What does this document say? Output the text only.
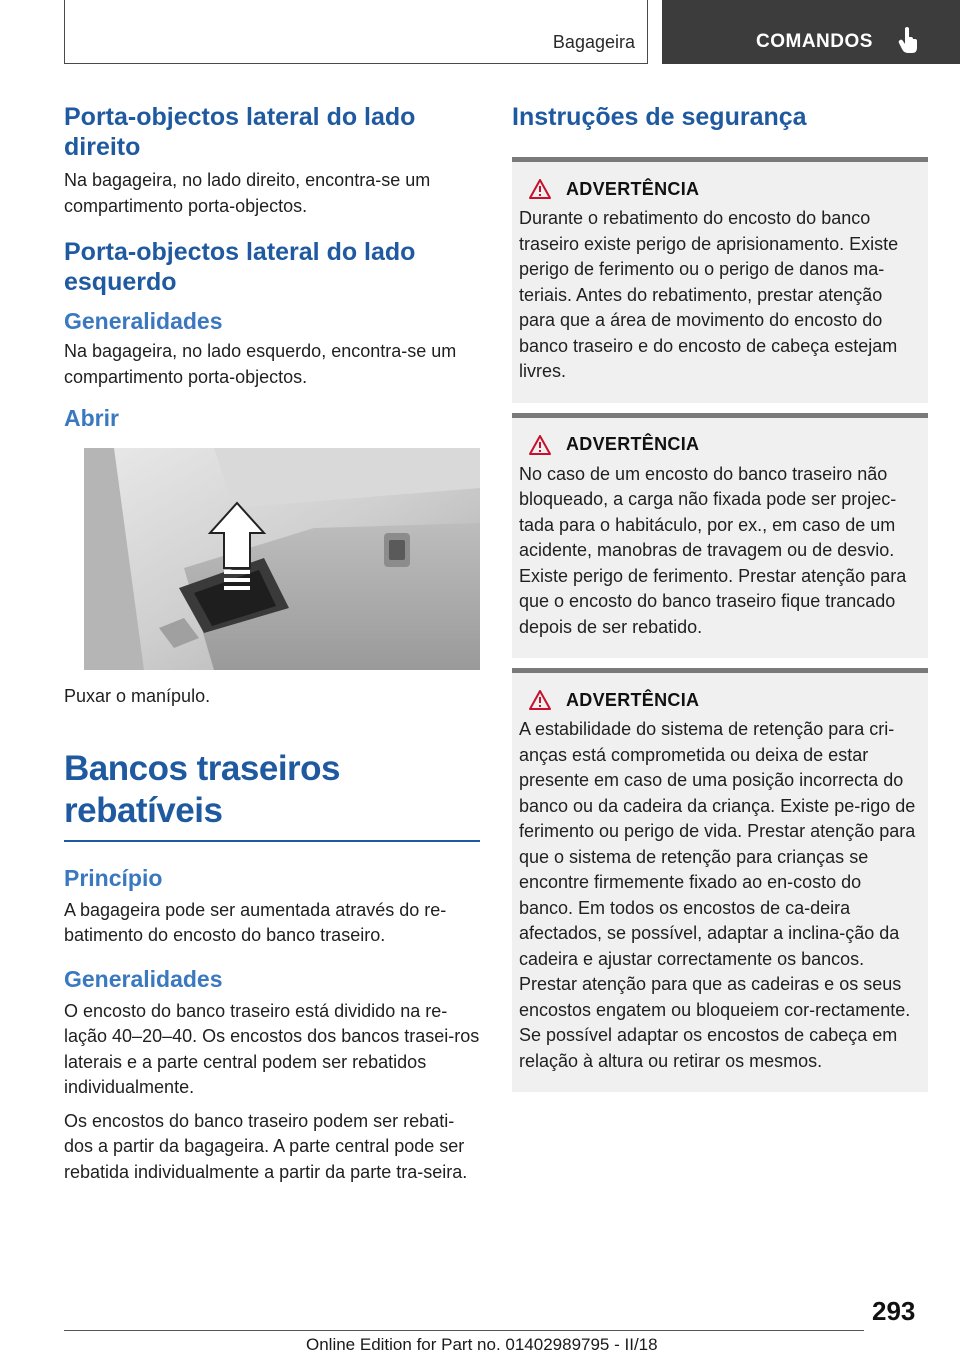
Bagageira	COMANDOS
Porta-objectos lateral do lado direito

Na bagageira, no lado direito, encontra-se um compartimento porta-objectos.

Porta-objectos lateral do lado esquerdo
Generalidades

Na bagageira, no lado esquerdo, encontra-se um compartimento porta-objectos.

Abrir

Puxar o manípulo.

Bancos traseiros rebatíveis
Princípio

A bagageira pode ser aumentada através do re-batimento do encosto do banco traseiro.

Generalidades

O encosto do banco traseiro está dividido na re-lação 40–20–40. Os encostos dos bancos trasei-ros laterais e a parte central podem ser rebatidos individualmente.

Os encostos do banco traseiro podem ser rebati-dos a partir da bagageira. A parte central pode ser rebatida individualmente a partir da parte tra-seira.

Instruções de segurança
ADVERTÊNCIA

Durante o rebatimento do encosto do banco traseiro existe perigo de aprisionamento. Existe perigo de ferimento ou o perigo de danos ma-teriais. Antes do rebatimento, prestar atenção para que a área de movimento do encosto do banco traseiro e do encosto de cabeça estejam livres.

ADVERTÊNCIA

No caso de um encosto do banco traseiro não bloqueado, a carga não fixada pode ser projec-tada para o habitáculo, por ex., em caso de um acidente, manobras de travagem ou de desvio. Existe perigo de ferimento. Prestar atenção para que o encosto do banco traseiro fique trancado depois de ser rebatido.

ADVERTÊNCIA

A estabilidade do sistema de retenção para cri-anças está comprometida ou deixa de estar presente em caso de uma posição incorrecta do banco ou da cadeira da criança. Existe pe-rigo de ferimento ou perigo de vida. Prestar atenção para que o sistema de retenção para crianças se encontre firmemente fixado ao en-costo do banco. Em todos os encostos de ca-deira afectados, se possível, adaptar a inclina-ção da cadeira e ajustar correctamente os bancos. Prestar atenção para que as cadeiras e os seus encostos engatem ou bloqueiem cor-rectamente. Se possível adaptar os encostos de cabeça em relação à altura ou retirar os mesmos.

293
Online Edition for Part no. 01402989795 - II/18
